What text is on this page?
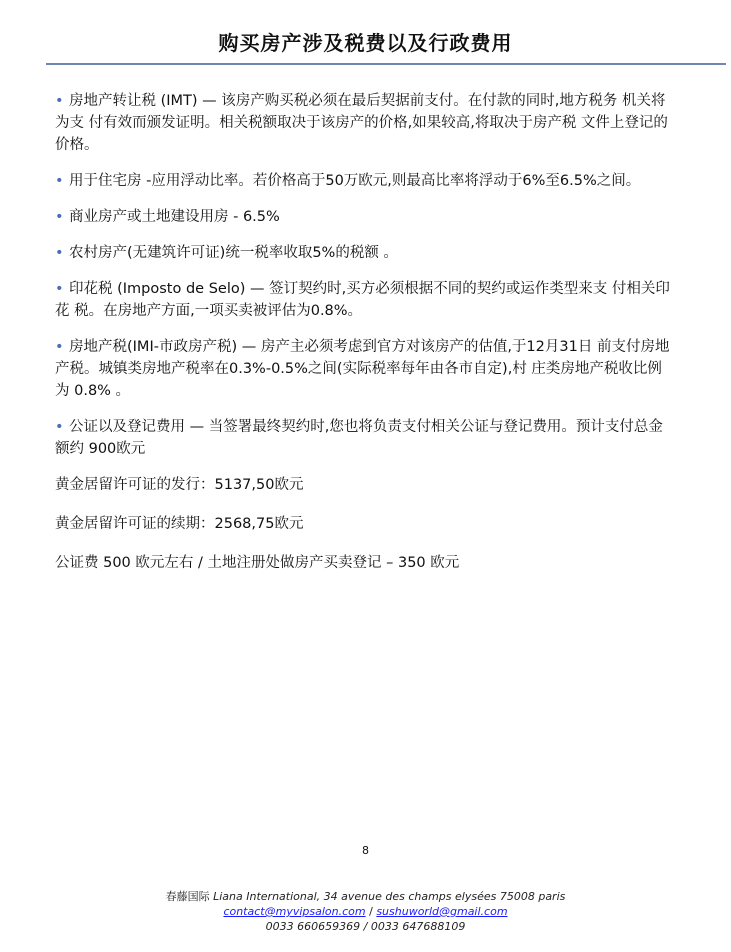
购买房产涉及税费以及行政费用

• 房地产转让税 (IMT) — 该房产购买税必须在最后契据前支付。在付款的同时,地方税务 机关将为支 付有效而颁发证明。相关税额取决于该房产的价格,如果较高,将取决于房产税 文件上登记的价格。

• 用于住宅房 -应用浮动比率。若价格高于50万欧元,则最高比率将浮动于6%至6.5%之间。

• 商业房产或土地建设用房 - 6.5%

• 农村房产(无建筑许可证)统一税率收取5%的税额 。

• 印花税 (Imposto de Selo) — 签订契约时,买方必须根据不同的契约或运作类型来支 付相关印花 税。在房地产方面,一项买卖被评估为0.8%。

• 房地产税(IMI-市政房产税) — 房产主必须考虑到官方对该房产的估值,于12月31日 前支付房地 产税。城镇类房地产税率在0.3%-0.5%之间(实际税率每年由各市自定),村 庄类房地产税收比例为 0.8% 。

• 公证以及登记费用 — 当签署最终契约时,您也将负责支付相关公证与登记费用。预计支付总金额约 900欧元

黄金居留许可证的发行：5137,50欧元

黄金居留许可证的续期：2568,75欧元

公证费 500 欧元左右 / 土地注册处做房产买卖登记 – 350 欧元

8
春藤国际 Liana International, 34 avenue des champs elysées 75008 paris
contact@myvipsalon.com / sushuworld@gmail.com
0033 660659369 / 0033 647688109
